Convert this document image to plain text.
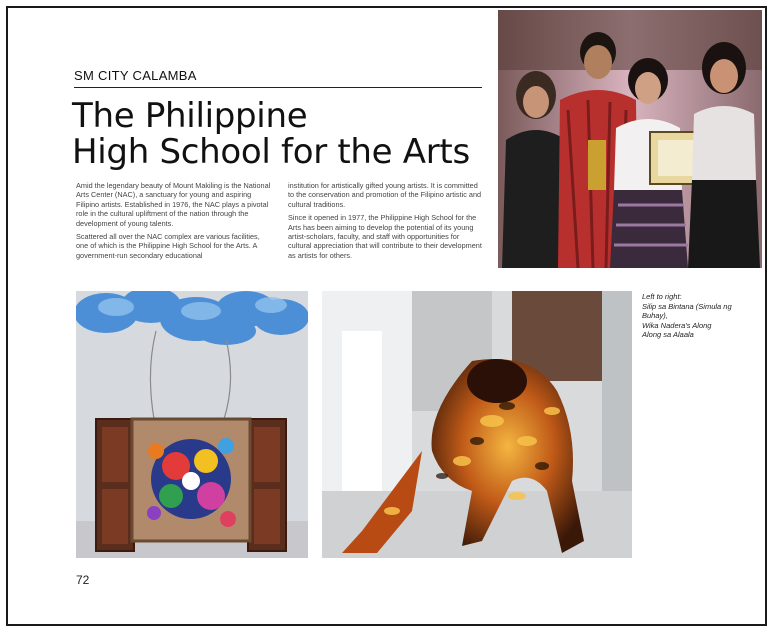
SM CITY CALAMBA
The Philippine
High School for the Arts

Amid the legendary beauty of Mount Makiling is the National Arts Center (NAC), a sanctuary for young and aspiring Filipino artists. Established in 1976, the NAC plays a pivotal role in the cultural upliftment of the nation through the development of young talents.

Scattered all over the NAC complex are various facilities, one of which is the Philippine High School for the Arts. A government-run secondary educational

institution for artistically gifted young artists. It is committed to the conservation and promotion of the Filipino artistic and cultural traditions.

Since it opened in 1977, the Philippine High School for the Arts has been aiming to develop the potential of its young artist-scholars, faculty, and staff with opportunities for cultural appreciation that will contribute to their development as artists for others.

Left to right:
Silip sa Bintana (Simula ng
Buhay),
Wika Nadera's Along
Along sa Alaala
72
